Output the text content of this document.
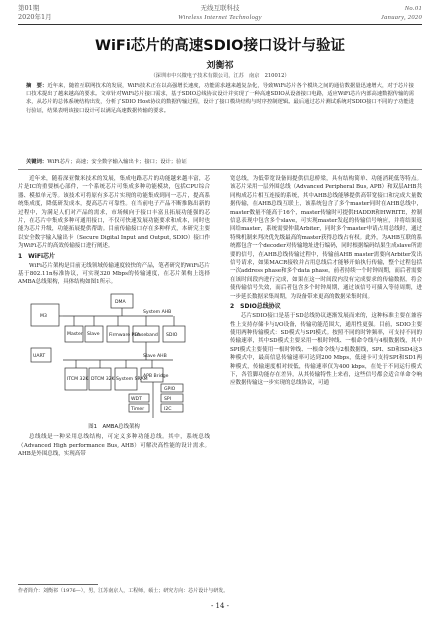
第01期
2020年1月
无线互联科技
Wireless Internet Technology
No.01
January, 2020
WiFi芯片的高速SDIO接口设计与验证
刘衡祁
（深圳市中兴微电子技术有限公司，江苏　南京　210012）
摘　要：近年来，随着互联网技术的发展，WiFi技术正在以高强增长速度，功能需求越来越复杂化，导致WiFi芯片各个模块之间的通信数据量迅速增大，对于芯片接口技术提出了越来越高的要求。文章针对WiFi芯片接口需求，基于SDIO总线协议设计并实现了一种高速SDIO从设备接口电路，适应WiFi芯片内部高速数据传输的需求，从芯片的总体系统结构出发，分析了SDIO Host协议的数据传输过程，设计了接口模块结构与时序控制逻辑。最后通过芯片测试系统对SDIO接口不同的子功能进行验证，结果表明该接口设计可以满足高速数据传输的要求。
关键词：WiFi芯片；高速；安全数字输入输出卡；接口；设计；验证

近年来，随着深亚微米技术的发展，集成电路芯片的功能越来越丰富，芯片是IC的重要核心部件，一个系统芯片可集成多种功能模块，包括CPU综合器、模拟单元等。该技术可将原有多芯片实现的功能集成到同一芯片，提高系统集成度，降低研发成本，提高芯片可靠性。在当前电子产品不断推陈出新的过程中，为满足人们对产品的需求，市场倾向于接口丰富且拓展功能强的芯片，在芯片中集成多种可通用接口，不仅可快速发展功能要求和成本，同时也能为芯片升级，功能拓展提供帮助。目前传输接口存在多种样式，本研究主要以安全数字输入输出卡（Secure Digital Input and Output, SDIO）接口作为WiFi芯片的高效传输接口进行阐述。

1　WiFi芯片

WiFi芯片架构是目前无线领域传输速度较快的产品，笔者研究的WiFi芯片基于802.11n标准协议，可实现320 Mbps的传输速度，在芯片架构上选择AMBA总线架构，具体结构如图1所示。

System AHB
Slave AHB
M3
UART
ITCM 32K DTCM 32K System SRAM
Firmware PLA
DMA
Baseband SDIO
APB Bridge
GPIO
SPI
I2C
WDT
Timer
Master Slave
图1　AMBA总线架构

总线线是一种采用总线结构，可定义多种功能总线。其中，系统总线（Advanced High performance Bus, AHB）可解决高性能的设计需求。AHB是外围总线，实现高带

宽总线，为低带宽设备间提供信息桥梁，具有结构简单、功能消耗低等特点。该芯片采用一层外围总线（Advanced Peripheral Bus, APB）和双层AHB共同构成芯片相互连接的系统，其中AHB总线能够提供高带宽接口和完成大量数据传输，在AHB总线互联上，该系统包含了多个master同时在AHB总线中，master数量不能高于16个，master传输时可提供HADDR和HWRITE，控制信息表现中包含多个slave，可实现master发起的传输信号响应，并将结果返回给master，系统需要仲裁Arbiter，同时多个master申请占用总线时，通过特殊机制来判决优先级最高的master获得总线占有权。此外，为AHB互联的系统都包含一个decoder对传输地址进行编码，同时根据编码结果生成slave所需要的信号，在AHB总线传输过程中，传输前AHB master需要向Arbiter发出信号请求，如果MACR接收并占用总线后才能够开始执行传输，整个过程包括一次address phase和多个data phase，前者持续一个时钟周期，而后者需要在该时间段内进行完成，如果在这一时间段内没有完成要求的传输数据，将会使传输信号失效，而后者包含多个时钟周期，通过该信号可插入等待周期，进一步延长数据采集周期，为设备带来更高的数据采集时间。

2　SDIO总线协议

芯片SDIO接口是基于SD总线协议逐渐发展而来的，这种标准主要在兼容性上支持存储卡与I/O设备，传输功能范围大，通用性更强。目前，SDIO主要使用两种传输模式：SD模式与SPI模式。按照不同的时钟频率，可支持不同的传输速率，其中SD模式主要采用一根时钟线、一根命令线与4根数据线，其中SPI模式主要使用一根时钟线、一根命令线与2根数据线，SPI、SD和SD4这3种模式中，最高信息传输速率可达到200 Mbps，低速卡可支持SPI和SD1两种模式，传输速度相对较低，传输速率仅为400 kbps，在处于不同运行模式下，各管脚功能存在差异，从其传输特性上来看，这些信号都会适合单命令响应数据传输这一步实现的总线协议，可通

作者简介：刘衡祁（1976—），男，江苏南京人，工程师，硕士；研究方向：芯片设计与研发。
- 14 -
